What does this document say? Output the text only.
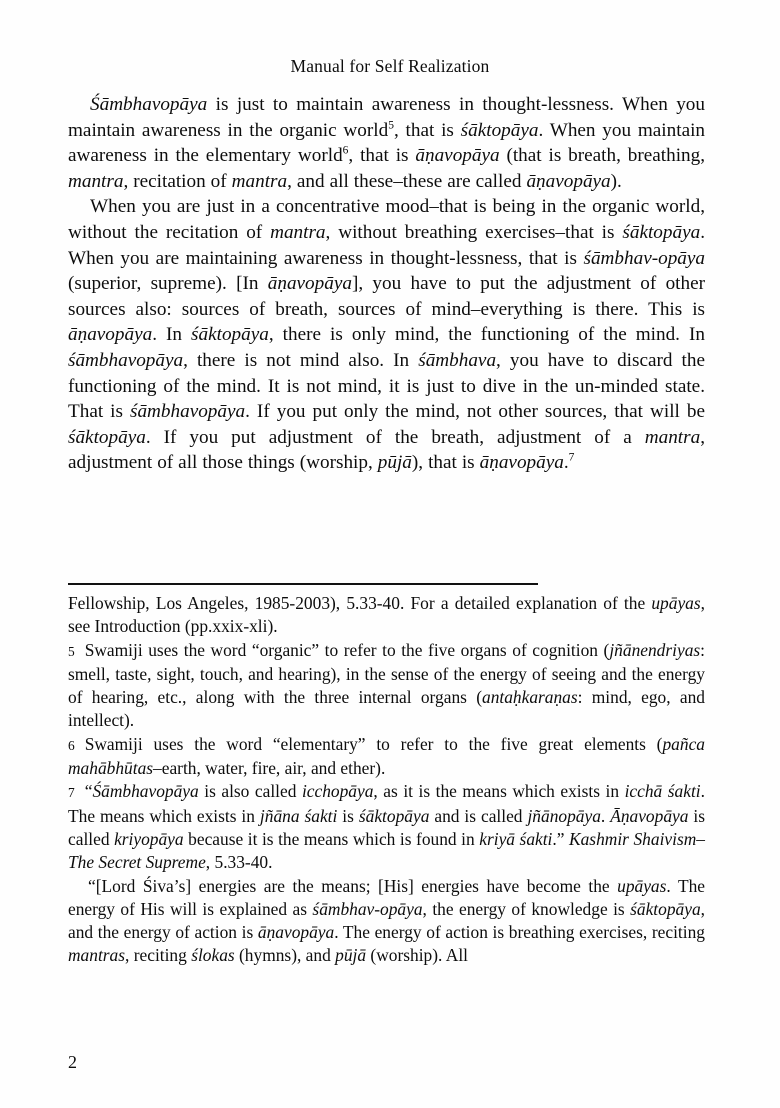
Manual for Self Realization

Śāmbhavopāya is just to maintain awareness in thought-lessness. When you maintain awareness in the organic world$^5$, that is śāktopāya. When you maintain awareness in the elementary world$^6$, that is āṇavopāya (that is breath, breathing, mantra, recitation of mantra, and all these–these are called āṇavopāya).

When you are just in a concentrative mood–that is being in the organic world, without the recitation of mantra, without breathing exercises–that is śāktopāya. When you are maintaining awareness in thought-lessness, that is śāmbhav-opāya (superior, supreme). [In āṇavopāya], you have to put the adjustment of other sources also: sources of breath, sources of mind–everything is there. This is āṇavopāya. In śāktopāya, there is only mind, the functioning of the mind. In śāmbhavopāya, there is not mind also. In śāmbhava, you have to discard the functioning of the mind. It is not mind, it is just to dive in the un-minded state. That is śāmbhavopāya. If you put only the mind, not other sources, that will be śāktopāya. If you put adjustment of the breath, adjustment of a mantra, adjustment of all those things (worship, pūjā), that is āṇavopāya.$^7$

Fellowship, Los Angeles, 1985-2003), 5.33-40. For a detailed explanation of the upāyas, see Introduction (pp.xxix-xli).

5 Swamiji uses the word “organic” to refer to the five organs of cognition (jñānendriyas: smell, taste, sight, touch, and hearing), in the sense of the energy of seeing and the energy of hearing, etc., along with the three internal organs (antaḥkaraṇas: mind, ego, and intellect).

6 Swamiji uses the word “elementary” to refer to the five great elements (pañca mahābhūtas–earth, water, fire, air, and ether).

7 “Śāmbhavopāya is also called icchopāya, as it is the means which exists in icchā śakti. The means which exists in jñāna śakti is śāktopāya and is called jñānopāya. Āṇavopāya is called kriyopāya because it is the means which is found in kriyā śakti.” Kashmir Shaivism–The Secret Supreme, 5.33-40.

“[Lord Śiva’s] energies are the means; [His] energies have become the upāyas. The energy of His will is explained as śāmbhav-opāya, the energy of knowledge is śāktopāya, and the energy of action is āṇavopāya. The energy of action is breathing exercises, reciting mantras, reciting ślokas (hymns), and pūjā (worship). All

2
